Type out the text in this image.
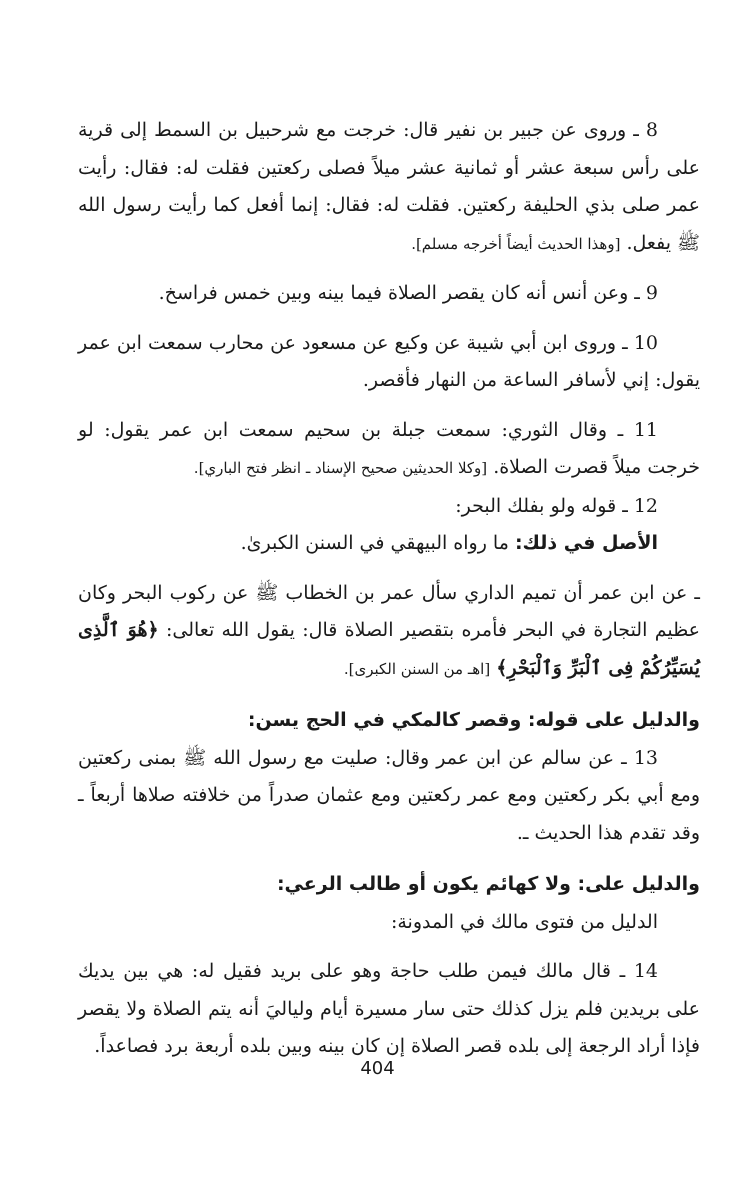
8 ـ وروى عن جبير بن نفير قال: خرجت مع شرحبيل بن السمط إلى قرية على رأس سبعة عشر أو ثمانية عشر ميلاً فصلى ركعتين فقلت له: فقال: رأيت عمر صلى بذي الحليفة ركعتين. فقلت له: فقال: إنما أفعل كما رأيت رسول الله ﷺ يفعل. [وهذا الحديث أيضاً أخرجه مسلم].

9 ـ وعن أنس أنه كان يقصر الصلاة فيما بينه وبين خمس فراسخ.

10 ـ وروى ابن أبي شيبة عن وكيع عن مسعود عن محارب سمعت ابن عمر يقول: إني لأسافر الساعة من النهار فأقصر.

11 ـ وقال الثوري: سمعت جبلة بن سحيم سمعت ابن عمر يقول: لو خرجت ميلاً قصرت الصلاة. [وكلا الحديثين صحيح الإسناد ـ انظر فتح الباري].

12 ـ قوله ولو بفلك البحر:

الأصل في ذلك: ما رواه البيهقي في السنن الكبرىٰ.

ـ عن ابن عمر أن تميم الداري سأل عمر بن الخطاب ﷺ عن ركوب البحر وكان عظيم التجارة في البحر فأمره بتقصير الصلاة قال: يقول الله تعالى: ﴿هُوَ ٱلَّذِى يُسَيِّرُكُمْ فِى ٱلْبَرِّ وَٱلْبَحْرِ﴾ [اهـ من السنن الكبرى].

والدليل على قوله: وقصر كالمكي في الحج يسن:

13 ـ عن سالم عن ابن عمر وقال: صليت مع رسول الله ﷺ بمنى ركعتين ومع أبي بكر ركعتين ومع عمر ركعتين ومع عثمان صدراً من خلافته صلاها أربعاً ـ وقد تقدم هذا الحديث ـ.

والدليل على: ولا كهائم يكون أو طالب الرعي:

الدليل من فتوى مالك في المدونة:

14 ـ قال مالك فيمن طلب حاجة وهو على بريد فقيل له: هي بين يديك على بريدين فلم يزل كذلك حتى سار مسيرة أيام ولياليَ أنه يتم الصلاة ولا يقصر فإذا أراد الرجعة إلى بلده قصر الصلاة إن كان بينه وبين بلده أربعة برد فصاعداً.

404
